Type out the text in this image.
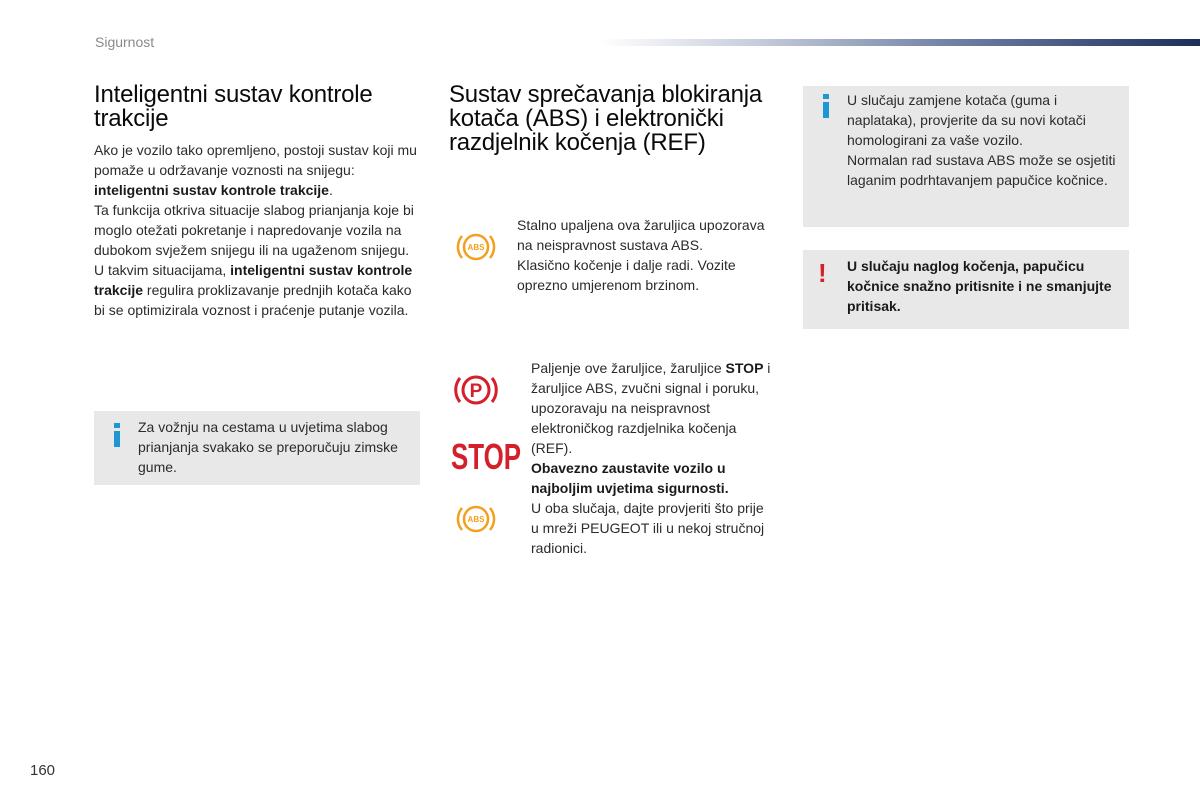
Sigurnost
Inteligentni sustav kontrole trakcije

Ako je vozilo tako opremljeno, postoji sustav koji mu pomaže u održavanje voznosti na snijegu: inteligentni sustav kontrole trakcije.

Ta funkcija otkriva situacije slabog prianjanja koje bi moglo otežati pokretanje i napredovanje vozila na dubokom svježem snijegu ili na ugaženom snijegu.

U takvim situacijama, inteligentni sustav kontrole trakcije regulira proklizavanje prednjih kotača kako bi se optimizirala voznost i praćenje putanje vozila.

Za vožnju na cestama u uvjetima slabog prianjanja svakako se preporučuju zimske gume.
Sustav sprečavanja blokiranja kotača (ABS) i elektronički razdjelnik kočenja (REF)
ABS
Stalno upaljena ova žaruljica upozorava na neispravnost sustava ABS.
Klasično kočenje i dalje radi. Vozite oprezno umjerenom brzinom.
P
STOP
ABS

Paljenje ove žaruljice, žaruljice STOP i žaruljice ABS, zvučni signal i poruku, upozoravaju na neispravnost elektroničkog razdjelnika kočenja (REF).

Obavezno zaustavite vozilo u najboljim uvjetima sigurnosti.

U oba slučaja, dajte provjeriti što prije u mreži PEUGEOT ili u nekoj stručnoj radionici.

U slučaju zamjene kotača (guma i naplataka), provjerite da su novi kotači homologirani za vaše vozilo.
Normalan rad sustava ABS može se osjetiti laganim podrhtavanjem papučice kočnice.
! U slučaju naglog kočenja, papučicu kočnice snažno pritisnite i ne smanjujte pritisak.
160
